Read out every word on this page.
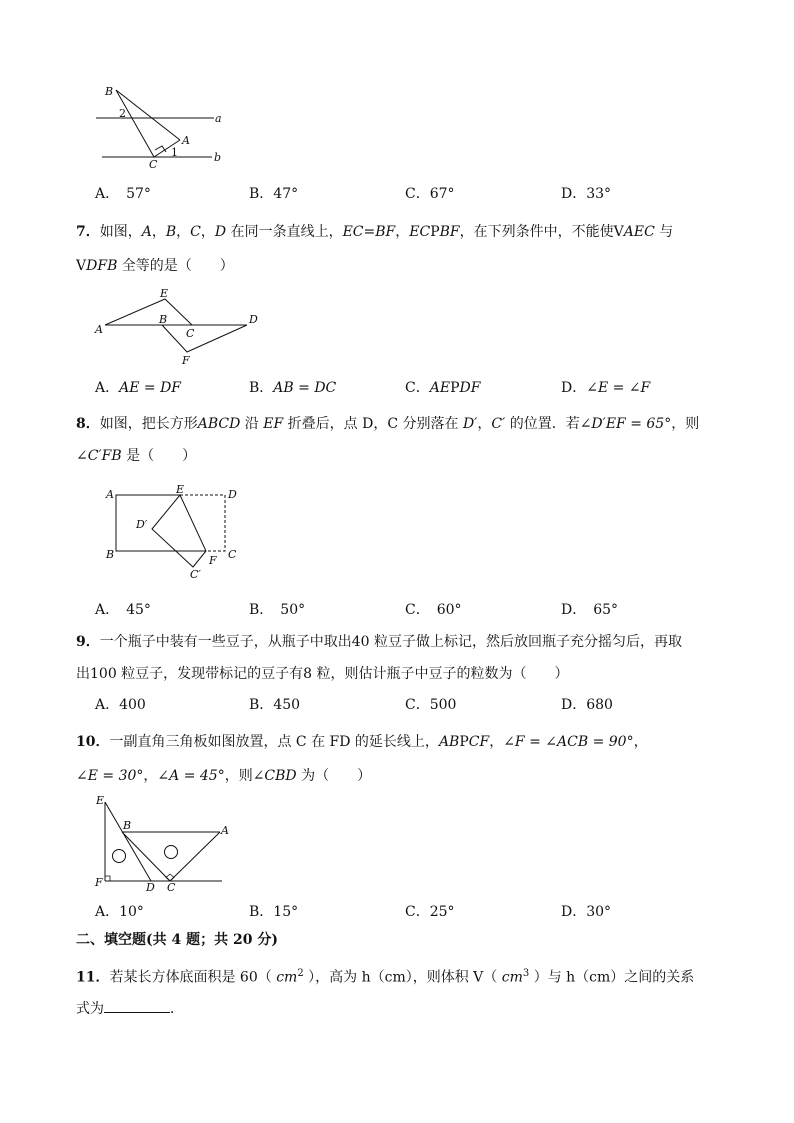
B
2	a
A
1
C
b
A．　57°	B．47°	C．67°	D．33°
7．如图，A，B，C，D 在同一条直线上，EC=BF，ECPBF，在下列条件中，不能使VAEC 与
VDFB 全等的是（　　）
E
A
B
C
D
F
A．AE = DF	B．AB = DC	C．AEPDF	D．∠E = ∠F
8．如图，把长方形ABCD 沿 EF 折叠后，点 D，C 分别落在 D′，C′ 的位置．若∠D′EF = 65°，则
∠C′FB 是（　　）
A	E	D
D′
B	F C
C′
A．　45°	B．　50°	C．　60°	D．　65°
9．一个瓶子中装有一些豆子，从瓶子中取出40 粒豆子做上标记，然后放回瓶子充分摇匀后，再取
出100 粒豆子，发现带标记的豆子有8 粒，则估计瓶子中豆子的粒数为（　　）
A．400	B．450	C．500	D．680
10．一副直角三角板如图放置，点 C 在 FD 的延长线上，ABPCF，∠F = ∠ACB = 90°，
∠E = 30°，∠A = 45°，则∠CBD 为（　　）
E
B	A
F	D C
A．10°	B．15°	C．25°	D．30°
二、填空题(共 4 题；共 20 分)
11．若某长方体底面积是 60（ $cm^2$ ），高为 h（cm），则体积 V（ $cm^3$ ）与 h（cm）之间的关系
式为	．
